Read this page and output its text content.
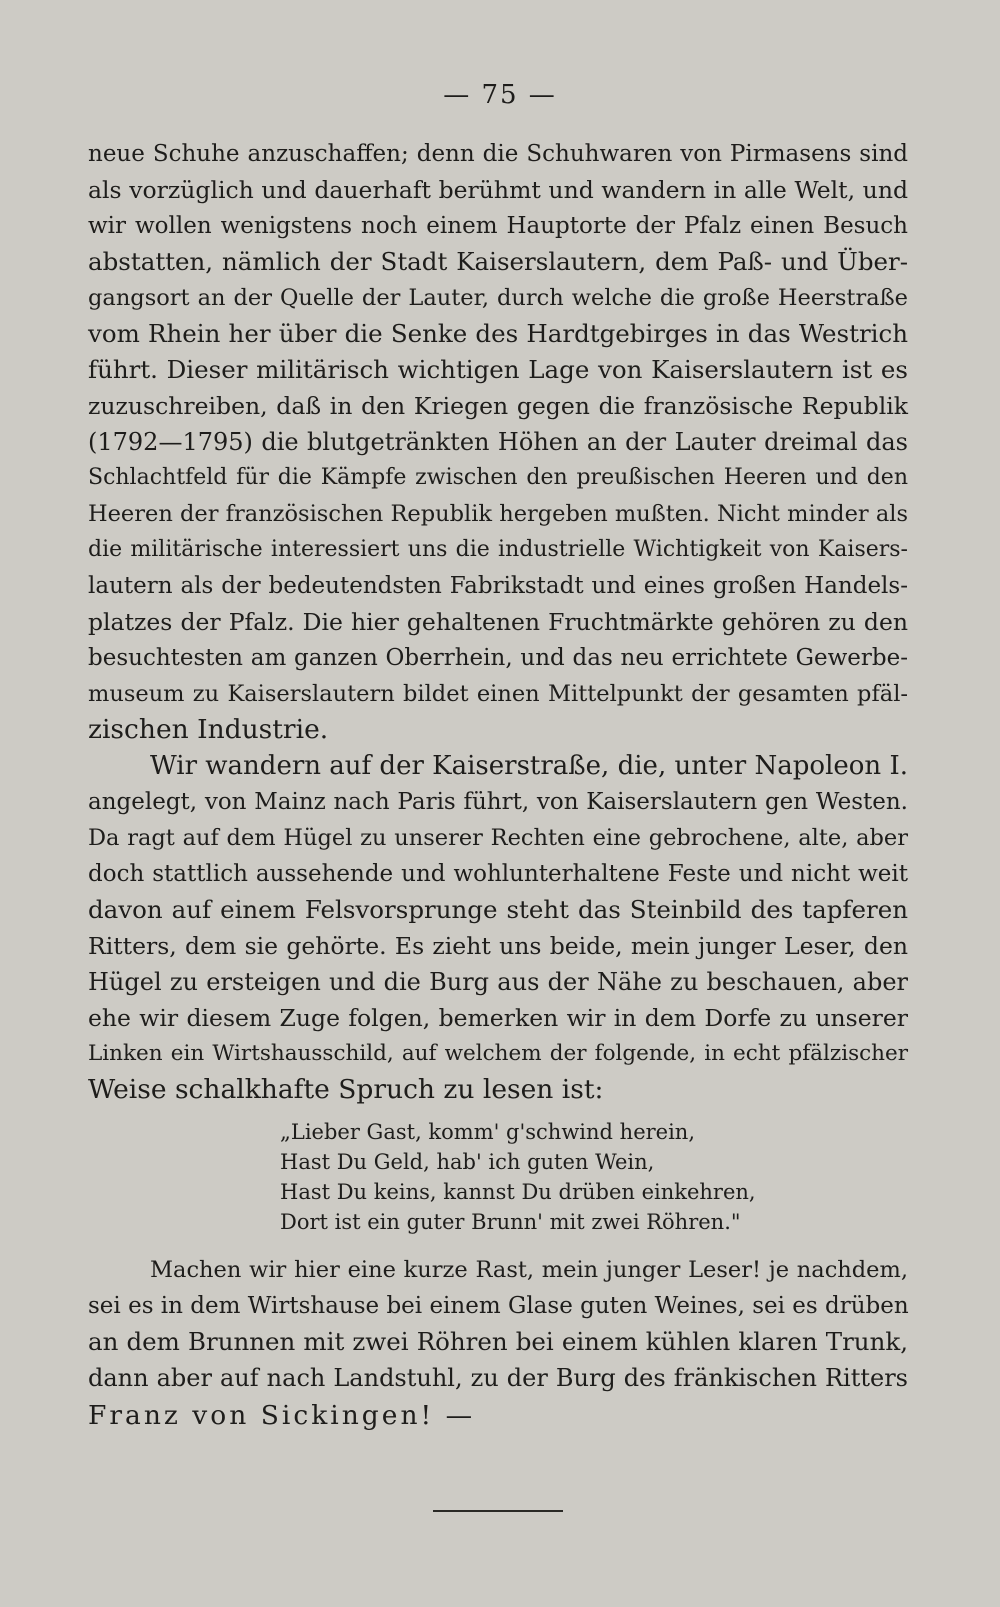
— 75 —
neue Schuhe anzuschaffen; denn die Schuhwaren von Pirmasens sind
als vorzüglich und dauerhaft berühmt und wandern in alle Welt, und
wir wollen wenigstens noch einem Hauptorte der Pfalz einen Besuch
abstatten, nämlich der Stadt Kaiserslautern, dem Paß- und Über-
gangsort an der Quelle der Lauter, durch welche die große Heerstraße
vom Rhein her über die Senke des Hardtgebirges in das Westrich
führt. Dieser militärisch wichtigen Lage von Kaiserslautern ist es
zuzuschreiben, daß in den Kriegen gegen die französische Republik
(1792—1795) die blutgetränkten Höhen an der Lauter dreimal das
Schlachtfeld für die Kämpfe zwischen den preußischen Heeren und den
Heeren der französischen Republik hergeben mußten. Nicht minder als
die militärische interessiert uns die industrielle Wichtigkeit von Kaisers-
lautern als der bedeutendsten Fabrikstadt und eines großen Handels-
platzes der Pfalz. Die hier gehaltenen Fruchtmärkte gehören zu den
besuchtesten am ganzen Oberrhein, und das neu errichtete Gewerbe-
museum zu Kaiserslautern bildet einen Mittelpunkt der gesamten pfäl-
zischen Industrie.
Wir wandern auf der Kaiserstraße, die, unter Napoleon I.
angelegt, von Mainz nach Paris führt, von Kaiserslautern gen Westen.
Da ragt auf dem Hügel zu unserer Rechten eine gebrochene, alte, aber
doch stattlich aussehende und wohlunterhaltene Feste und nicht weit
davon auf einem Felsvorsprunge steht das Steinbild des tapferen
Ritters, dem sie gehörte. Es zieht uns beide, mein junger Leser, den
Hügel zu ersteigen und die Burg aus der Nähe zu beschauen, aber
ehe wir diesem Zuge folgen, bemerken wir in dem Dorfe zu unserer
Linken ein Wirtshausschild, auf welchem der folgende, in echt pfälzischer
Weise schalkhafte Spruch zu lesen ist:
„Lieber Gast, komm' g'schwind herein,
Hast Du Geld, hab' ich guten Wein,
Hast Du keins, kannst Du drüben einkehren,
Dort ist ein guter Brunn' mit zwei Röhren."
Machen wir hier eine kurze Rast, mein junger Leser! je nachdem,
sei es in dem Wirtshause bei einem Glase guten Weines, sei es drüben
an dem Brunnen mit zwei Röhren bei einem kühlen klaren Trunk,
dann aber auf nach Landstuhl, zu der Burg des fränkischen Ritters
Franz von Sickingen! —
